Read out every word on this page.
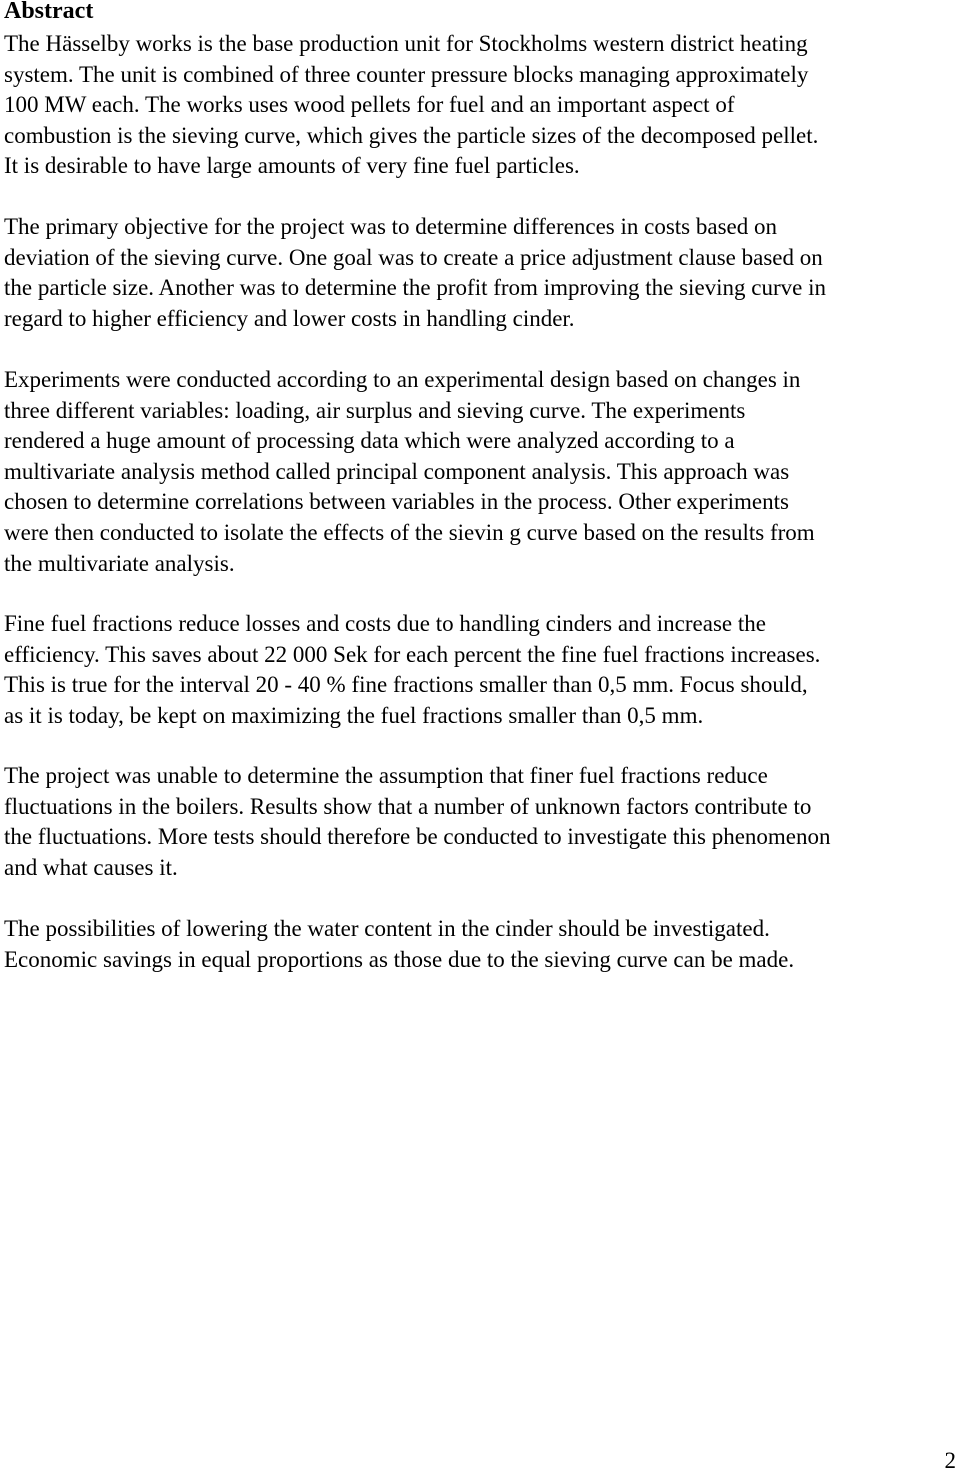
Abstract

The Hässelby works is the base production unit for Stockholms western district heating
system. The unit is combined of three counter pressure blocks managing approximately
100 MW each. The works uses wood pellets for fuel and an important aspect of
combustion is the sieving curve, which gives the particle sizes of the decomposed pellet.
It is desirable to have large amounts of very fine fuel particles.

The primary objective for the project was to determine differences in costs based on
deviation of the sieving curve. One goal was to create a price adjustment clause based on
the particle size. Another was to determine the profit from improving the sieving curve in
regard to higher efficiency and lower costs in handling cinder.

Experiments were conducted according to an experimental design based on changes in
three different variables: loading, air surplus and sieving curve. The experiments
rendered a huge amount of processing data which were analyzed according to a
multivariate analysis method called principal component analysis. This approach was
chosen to determine correlations between variables in the process. Other experiments
were then conducted to isolate the effects of the sievin g curve based on the results from
the multivariate analysis.

Fine fuel fractions reduce losses and costs due to handling cinders and increase the
efficiency. This saves about 22 000 Sek for each percent the fine fuel fractions increases.
This is true for the interval 20 - 40 % fine fractions smaller than 0,5 mm. Focus should,
as it is today, be kept on maximizing the fuel fractions smaller than 0,5 mm.

The project was unable to determine the assumption that finer fuel fractions reduce
fluctuations in the boilers. Results show that a number of unknown factors contribute to
the fluctuations. More tests should therefore be conducted to investigate this phenomenon
and what causes it.

The possibilities of lowering the water content in the cinder should be investigated.
Economic savings in equal proportions as those due to the sieving curve can be made.

2
